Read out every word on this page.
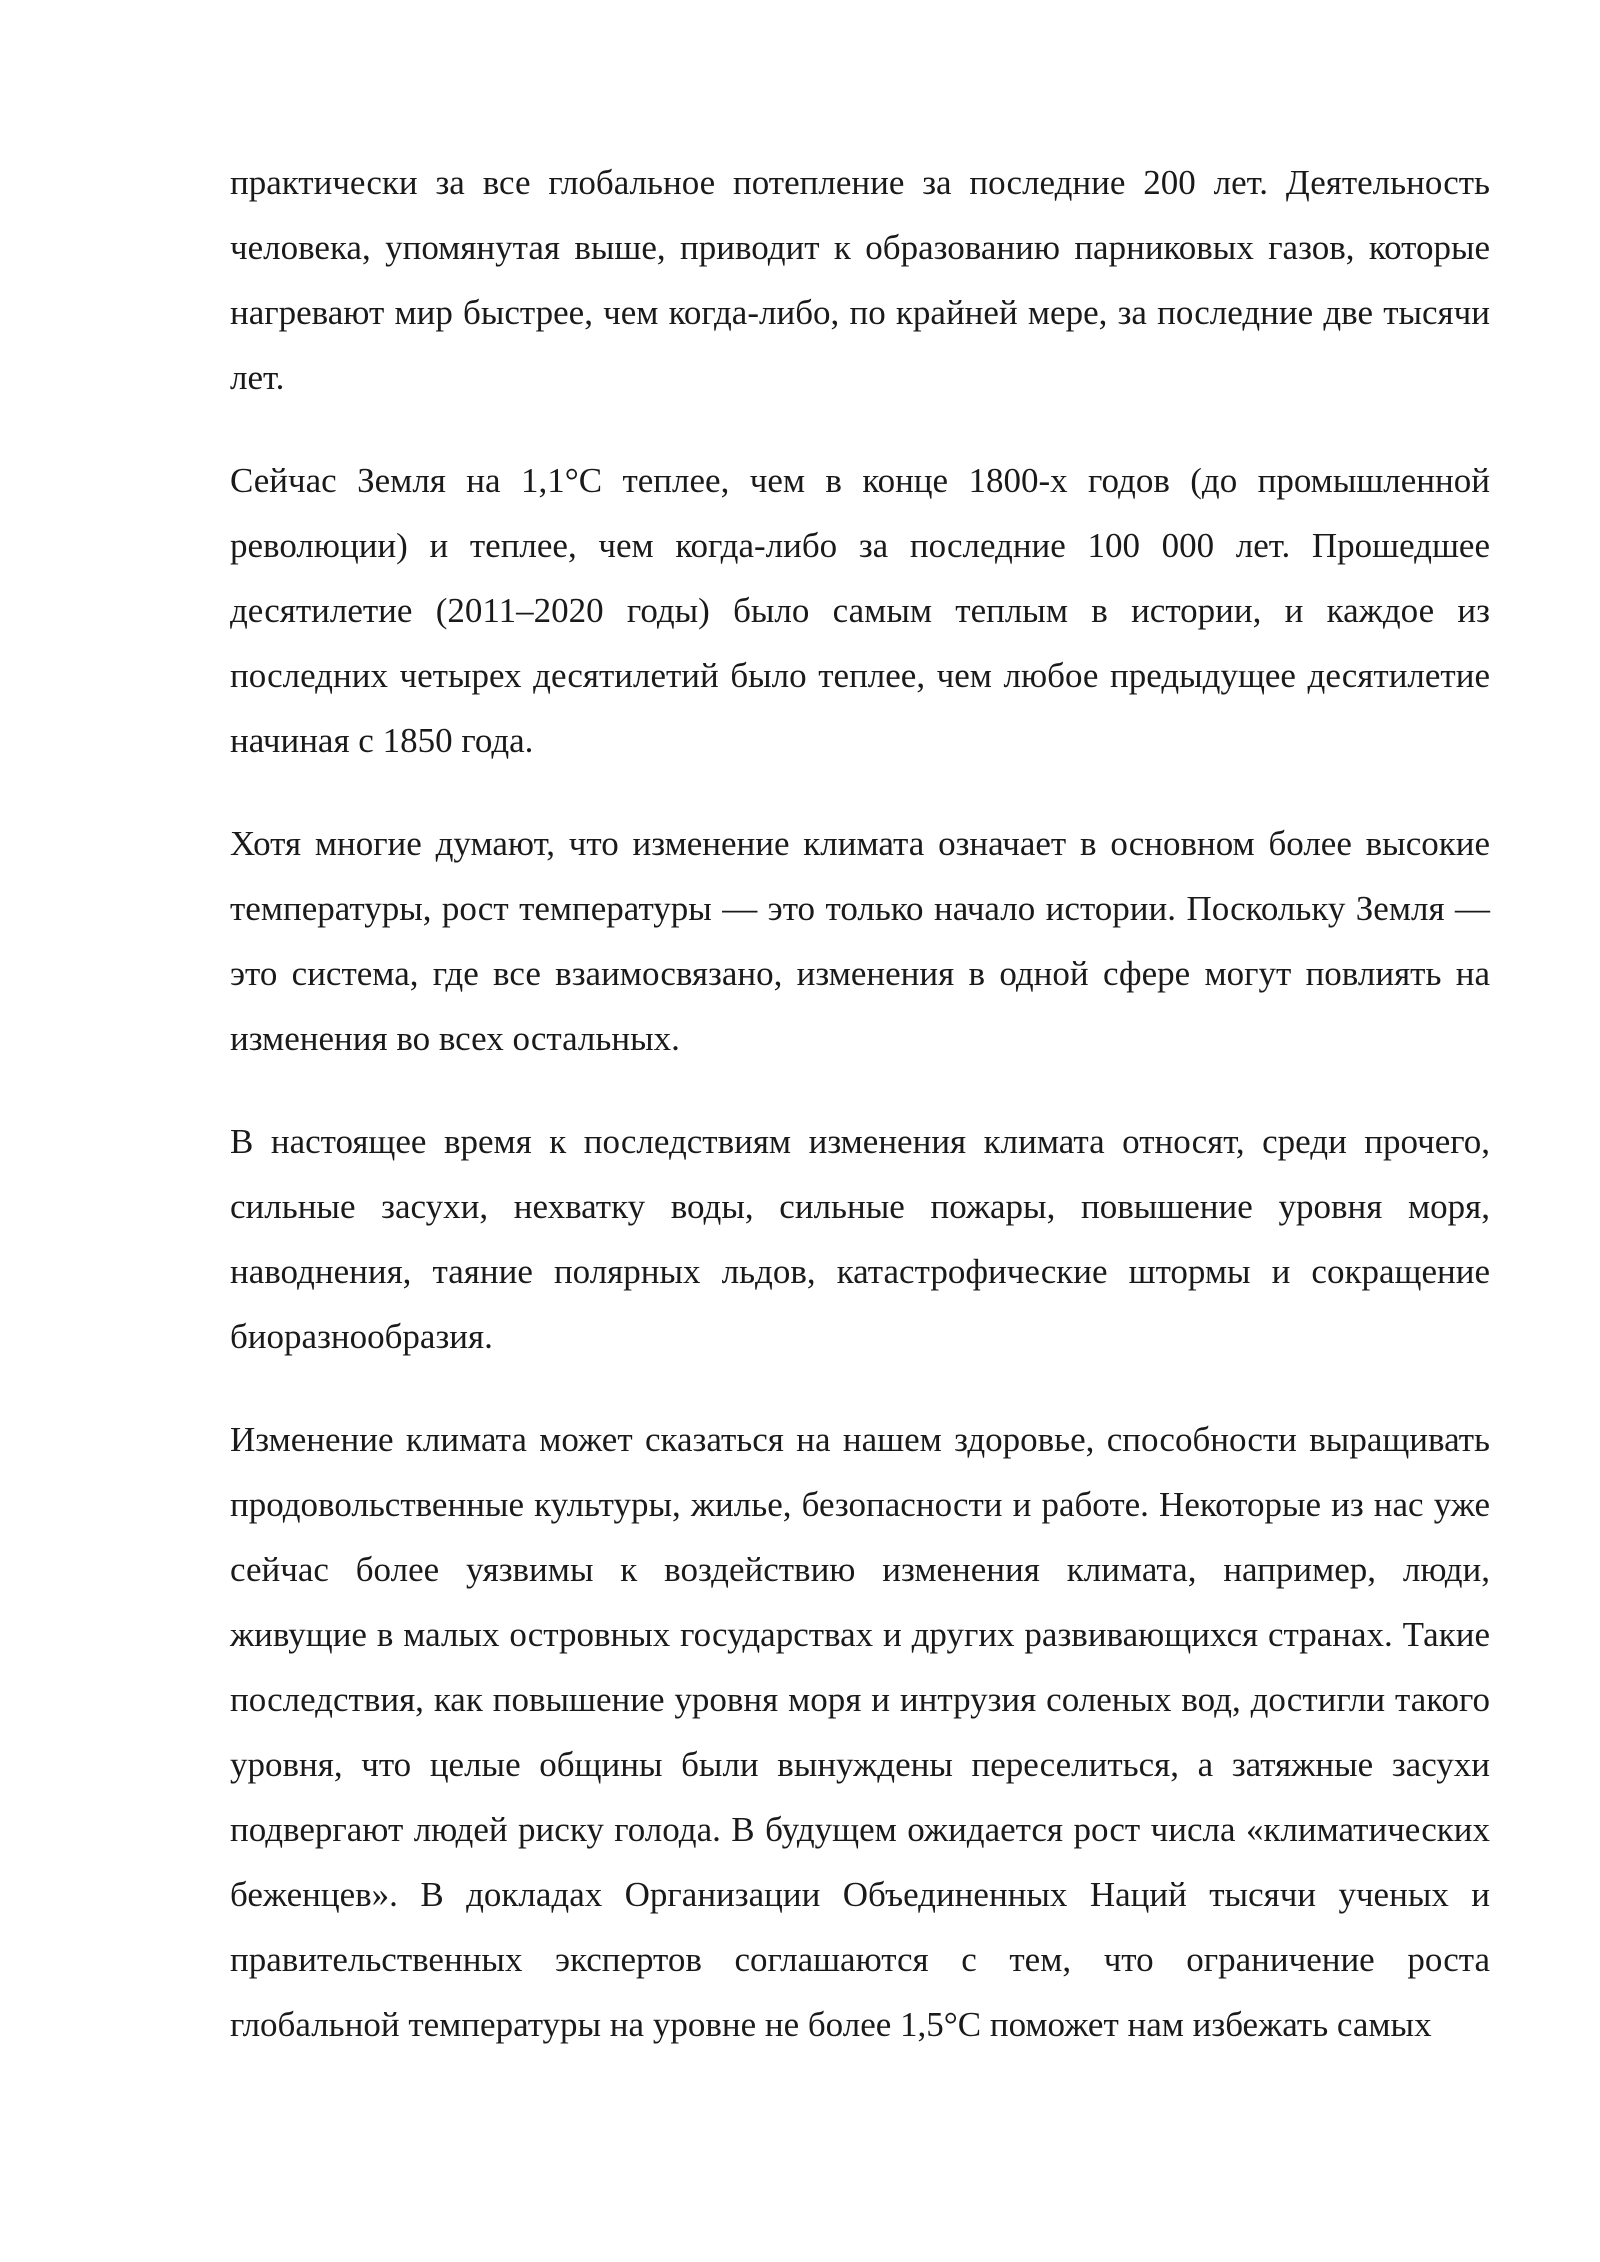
практически за все глобальное потепление за последние 200 лет. Деятельность человека, упомянутая выше, приводит к образованию парниковых газов, которые нагревают мир быстрее, чем когда-либо, по крайней мере, за последние две тысячи лет.

Сейчас Земля на 1,1°C теплее, чем в конце 1800-х годов (до промышленной революции) и теплее, чем когда-либо за последние 100 000 лет. Прошедшее десятилетие (2011–2020 годы) было самым теплым в истории, и каждое из последних четырех десятилетий было теплее, чем любое предыдущее десятилетие начиная с 1850 года.

Хотя многие думают, что изменение климата означает в основном более высокие температуры, рост температуры — это только начало истории. Поскольку Земля — это система, где все взаимосвязано, изменения в одной сфере могут повлиять на изменения во всех остальных.

В настоящее время к последствиям изменения климата относят, среди прочего, сильные засухи, нехватку воды, сильные пожары, повышение уровня моря, наводнения, таяние полярных льдов, катастрофические штормы и сокращение биоразнообразия.

Изменение климата может сказаться на нашем здоровье, способности выращивать продовольственные культуры, жилье, безопасности и работе. Некоторые из нас уже сейчас более уязвимы к воздействию изменения климата, например, люди, живущие в малых островных государствах и других развивающихся странах. Такие последствия, как повышение уровня моря и интрузия соленых вод, достигли такого уровня, что целые общины были вынуждены переселиться, а затяжные засухи подвергают людей риску голода. В будущем ожидается рост числа «климатических беженцев». В докладах Организации Объединенных Наций тысячи ученых и правительственных экспертов соглашаются с тем, что ограничение роста глобальной температуры на уровне не более 1,5°C поможет нам избежать самых
